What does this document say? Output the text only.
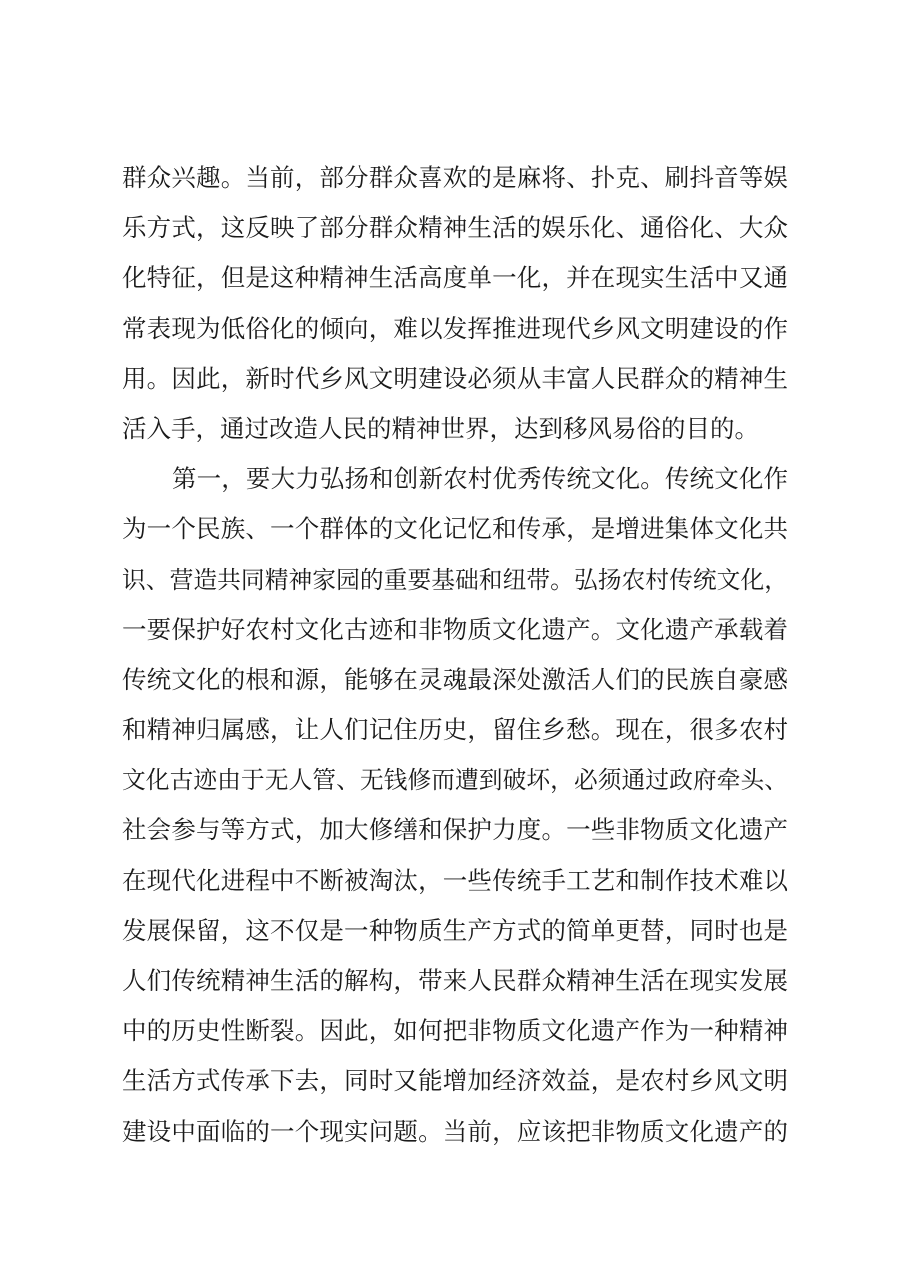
群众兴趣。当前，部分群众喜欢的是麻将、扑克、刷抖音等娱
乐方式，这反映了部分群众精神生活的娱乐化、通俗化、大众
化特征，但是这种精神生活高度单一化，并在现实生活中又通
常表现为低俗化的倾向，难以发挥推进现代乡风文明建设的作
用。因此，新时代乡风文明建设必须从丰富人民群众的精神生
活入手，通过改造人民的精神世界，达到移风易俗的目的。
第一，要大力弘扬和创新农村优秀传统文化。传统文化作
为一个民族、一个群体的文化记忆和传承，是增进集体文化共
识、营造共同精神家园的重要基础和纽带。弘扬农村传统文化，
一要保护好农村文化古迹和非物质文化遗产。文化遗产承载着
传统文化的根和源，能够在灵魂最深处激活人们的民族自豪感
和精神归属感，让人们记住历史，留住乡愁。现在，很多农村
文化古迹由于无人管、无钱修而遭到破坏，必须通过政府牵头、
社会参与等方式，加大修缮和保护力度。一些非物质文化遗产
在现代化进程中不断被淘汰，一些传统手工艺和制作技术难以
发展保留，这不仅是一种物质生产方式的简单更替，同时也是
人们传统精神生活的解构，带来人民群众精神生活在现实发展
中的历史性断裂。因此，如何把非物质文化遗产作为一种精神
生活方式传承下去，同时又能增加经济效益，是农村乡风文明
建设中面临的一个现实问题。当前，应该把非物质文化遗产的
